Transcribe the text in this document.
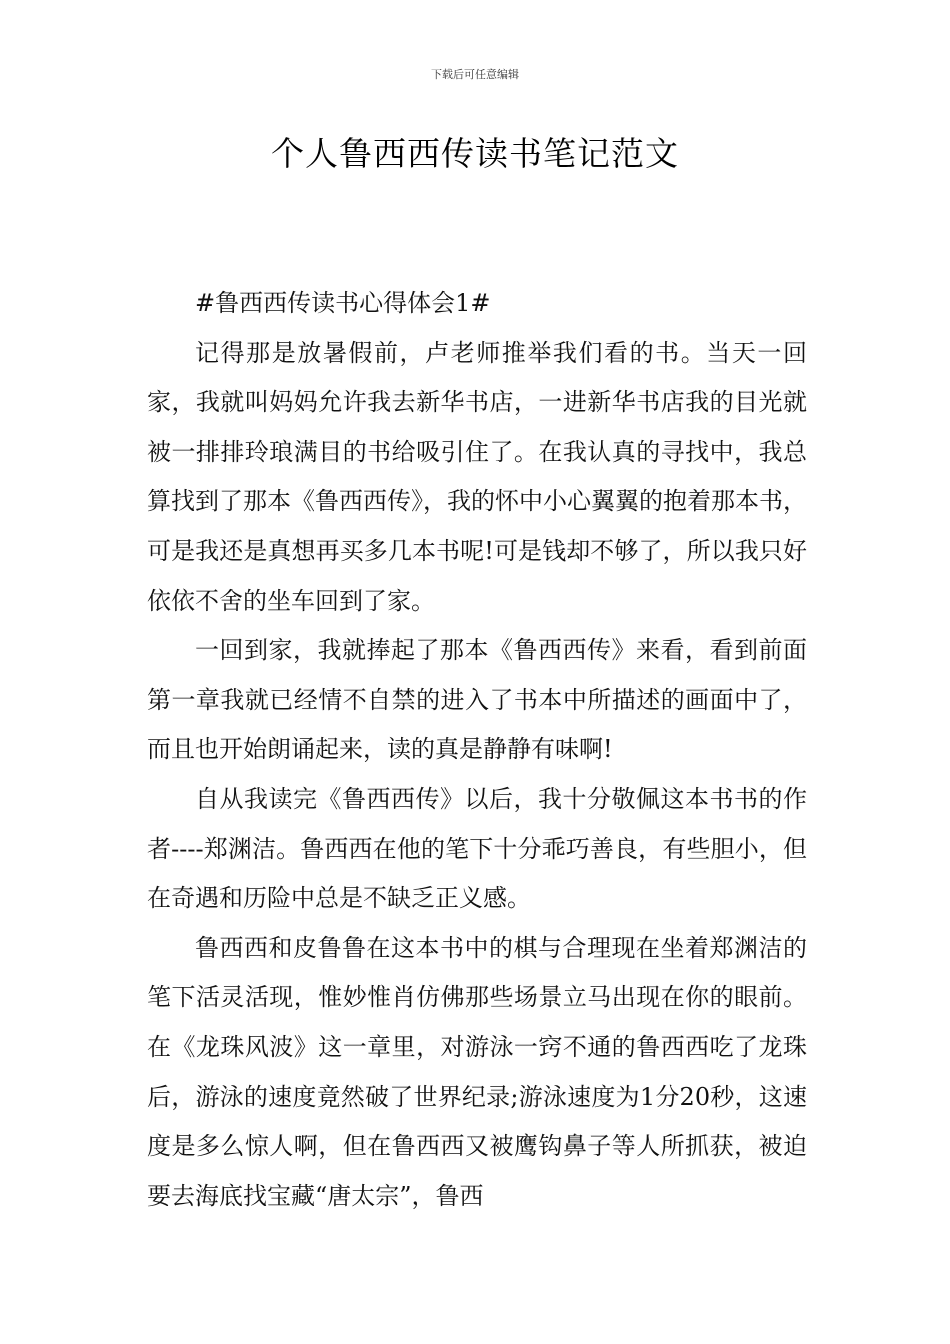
下载后可任意编辑
个人鲁西西传读书笔记范文

#鲁西西传读书心得体会1#

记得那是放暑假前，卢老师推举我们看的书。当天一回家，我就叫妈妈允许我去新华书店，一进新华书店我的目光就被一排排玲琅满目的书给吸引住了。在我认真的寻找中，我总算找到了那本《鲁西西传》，我的怀中小心翼翼的抱着那本书，可是我还是真想再买多几本书呢!可是钱却不够了，所以我只好依依不舍的坐车回到了家。

一回到家，我就捧起了那本《鲁西西传》来看，看到前面第一章我就已经情不自禁的进入了书本中所描述的画面中了，而且也开始朗诵起来，读的真是静静有味啊!

自从我读完《鲁西西传》以后，我十分敬佩这本书书的作者----郑渊洁。鲁西西在他的笔下十分乖巧善良，有些胆小，但在奇遇和历险中总是不缺乏正义感。

鲁西西和皮鲁鲁在这本书中的棋与合理现在坐着郑渊洁的笔下活灵活现，惟妙惟肖仿佛那些场景立马出现在你的眼前。在《龙珠风波》这一章里，对游泳一窍不通的鲁西西吃了龙珠后，游泳的速度竟然破了世界纪录;游泳速度为1分20秒，这速度是多么惊人啊，但在鲁西西又被鹰钩鼻子等人所抓获，被迫要去海底找宝藏“唐太宗”，鲁西
